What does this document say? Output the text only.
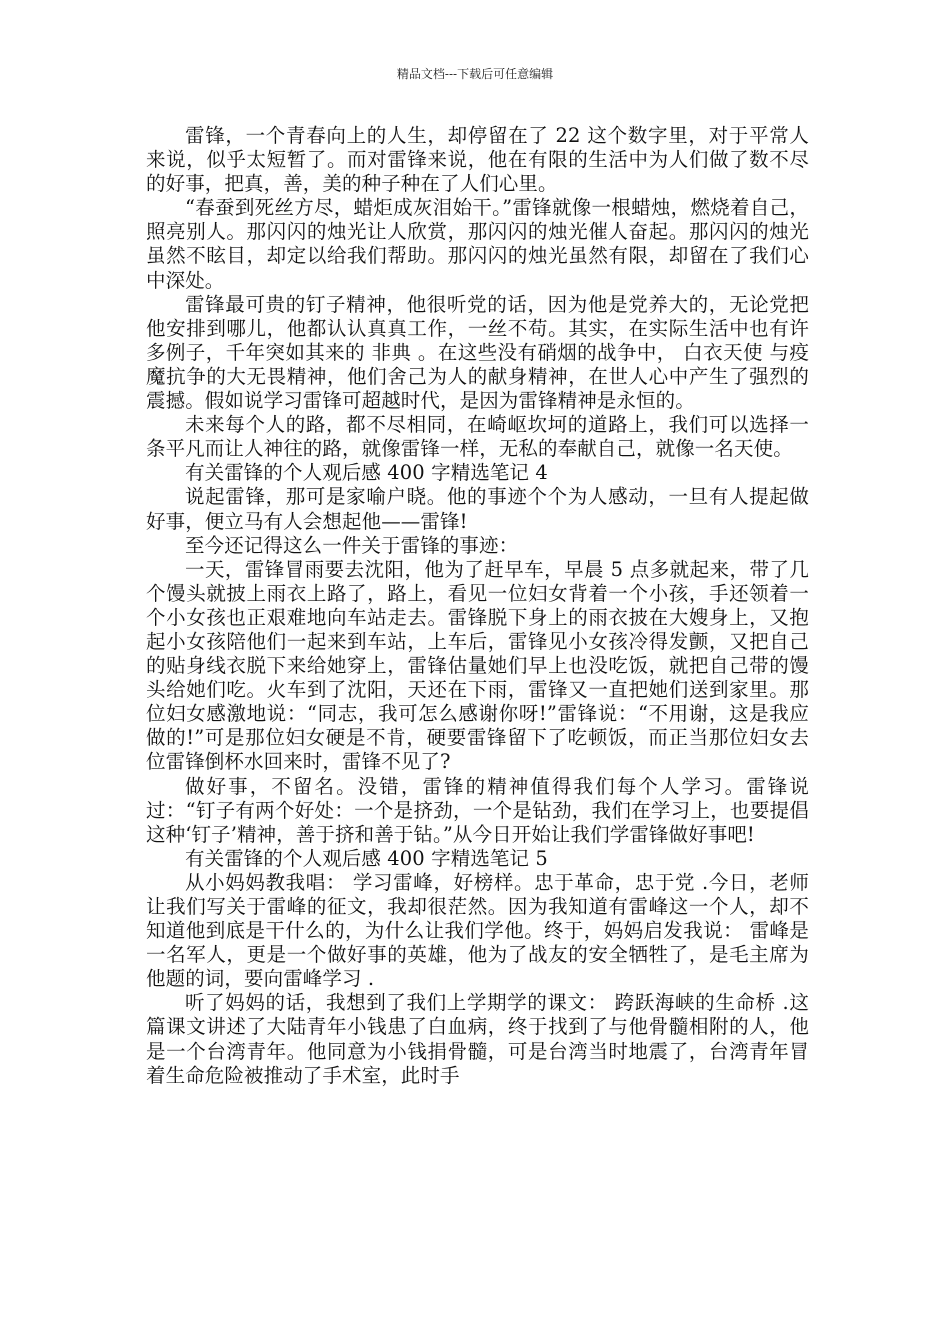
精品文档---下载后可任意编辑

雷锋，一个青春向上的人生，却停留在了 22 这个数字里，对于平常人来说，似乎太短暂了。而对雷锋来说，他在有限的生活中为人们做了数不尽的好事，把真，善，美的种子种在了人们心里。

“春蚕到死丝方尽，蜡炬成灰泪始干。”雷锋就像一根蜡烛，燃烧着自己，照亮别人。那闪闪的烛光让人欣赏，那闪闪的烛光催人奋起。那闪闪的烛光虽然不眩目，却定以给我们帮助。那闪闪的烛光虽然有限，却留在了我们心中深处。

雷锋最可贵的钉子精神，他很听党的话，因为他是党养大的，无论党把他安排到哪儿，他都认认真真工作，一丝不苟。其实，在实际生活中也有许多例子，千年突如其来的 非典 。在这些没有硝烟的战争中， 白衣天使 与疫魔抗争的大无畏精神，他们舍己为人的献身精神，在世人心中产生了强烈的震撼。假如说学习雷锋可超越时代，是因为雷锋精神是永恒的。

未来每个人的路，都不尽相同，在崎岖坎坷的道路上，我们可以选择一条平凡而让人神往的路，就像雷锋一样，无私的奉献自己，就像一名天使。

有关雷锋的个人观后感 400 字精选笔记 4

说起雷锋，那可是家喻户晓。他的事迹个个为人感动，一旦有人提起做好事，便立马有人会想起他——雷锋!

至今还记得这么一件关于雷锋的事迹：

一天，雷锋冒雨要去沈阳，他为了赶早车，早晨 5 点多就起来，带了几个馒头就披上雨衣上路了，路上，看见一位妇女背着一个小孩，手还领着一个小女孩也正艰难地向车站走去。雷锋脱下身上的雨衣披在大嫂身上，又抱起小女孩陪他们一起来到车站，上车后，雷锋见小女孩冷得发颤，又把自己的贴身线衣脱下来给她穿上，雷锋估量她们早上也没吃饭，就把自己带的馒头给她们吃。火车到了沈阳，天还在下雨，雷锋又一直把她们送到家里。那位妇女感激地说：“同志，我可怎么感谢你呀!”雷锋说：“不用谢，这是我应做的!”可是那位妇女硬是不肯，硬要雷锋留下了吃顿饭，而正当那位妇女去位雷锋倒杯水回来时，雷锋不见了?

做好事，不留名。没错，雷锋的精神值得我们每个人学习。雷锋说过：“钉子有两个好处：一个是挤劲，一个是钻劲，我们在学习上，也要提倡这种‘钉子’精神，善于挤和善于钻。”从今日开始让我们学雷锋做好事吧!

有关雷锋的个人观后感 400 字精选笔记 5

从小妈妈教我唱： 学习雷峰，好榜样。忠于革命，忠于党 .今日，老师让我们写关于雷峰的征文，我却很茫然。因为我知道有雷峰这一个人，却不知道他到底是干什么的，为什么让我们学他。终于，妈妈启发我说： 雷峰是一名军人，更是一个做好事的英雄，他为了战友的安全牺牲了，是毛主席为他题的词，要向雷峰学习 .

听了妈妈的话，我想到了我们上学期学的课文： 跨跃海峡的生命桥 .这篇课文讲述了大陆青年小钱患了白血病，终于找到了与他骨髓相附的人，他是一个台湾青年。他同意为小钱捐骨髓，可是台湾当时地震了，台湾青年冒着生命危险被推动了手术室，此时手
